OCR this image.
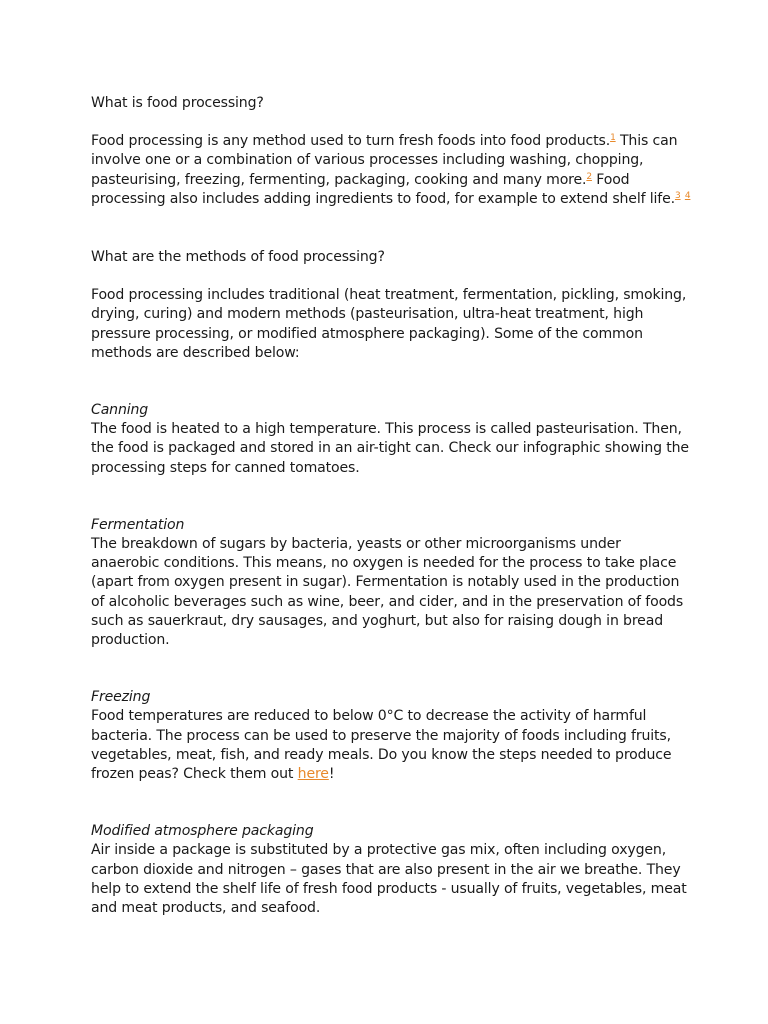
What is food processing?

Food processing is any method used to turn fresh foods into food products.$^1$ This can involve one or a combination of various processes including washing, chopping, pasteurising, freezing, fermenting, packaging, cooking and many more.$^2$ Food processing also includes adding ingredients to food, for example to extend shelf life.$^3$ $^4$

What are the methods of food processing?

Food processing includes traditional (heat treatment, fermentation, pickling, smoking, drying, curing) and modern methods (pasteurisation, ultra-heat treatment, high pressure processing, or modified atmosphere packaging). Some of the common methods are described below:

Canning

The food is heated to a high temperature. This process is called pasteurisation. Then, the food is packaged and stored in an air-tight can. Check our infographic showing the processing steps for canned tomatoes.

Fermentation

The breakdown of sugars by bacteria, yeasts or other microorganisms under anaerobic conditions. This means, no oxygen is needed for the process to take place (apart from oxygen present in sugar). Fermentation is notably used in the production of alcoholic beverages such as wine, beer, and cider, and in the preservation of foods such as sauerkraut, dry sausages, and yoghurt, but also for raising dough in bread production.

Freezing

Food temperatures are reduced to below 0°C to decrease the activity of harmful bacteria. The process can be used to preserve the majority of foods including fruits, vegetables, meat, fish, and ready meals. Do you know the steps needed to produce frozen peas? Check them out here!

Modified atmosphere packaging

Air inside a package is substituted by a protective gas mix, often including oxygen, carbon dioxide and nitrogen – gases that are also present in the air we breathe. They help to extend the shelf life of fresh food products - usually of fruits, vegetables, meat and meat products, and seafood.
